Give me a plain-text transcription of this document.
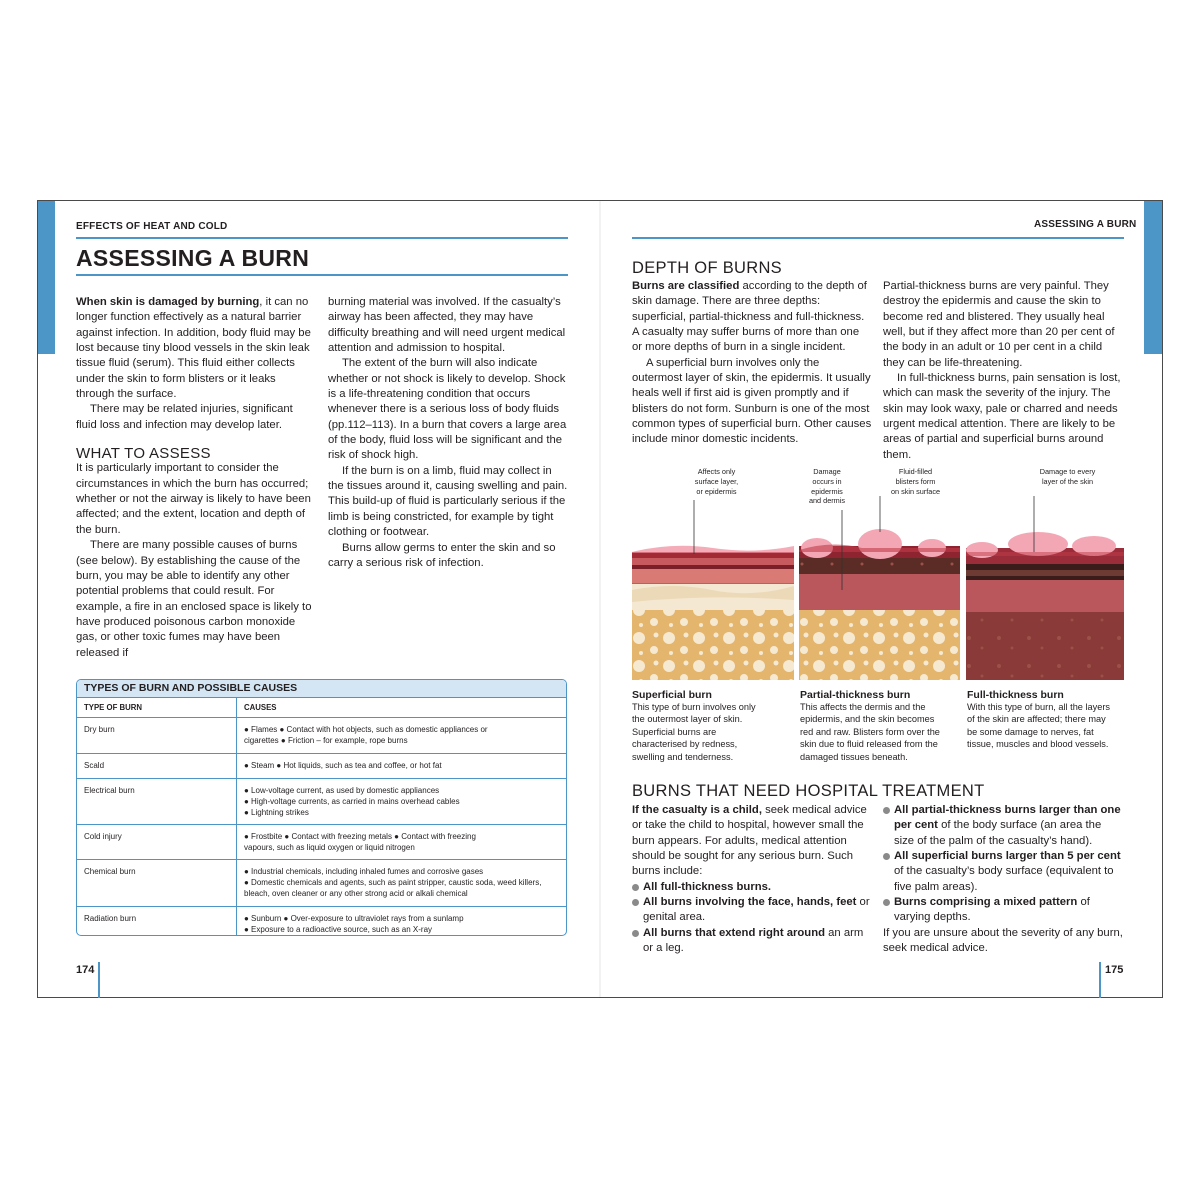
EFFECTS OF HEAT AND COLD
ASSESSING A BURN

When skin is damaged by burning, it can no longer function effectively as a natural barrier against infection. In addition, body fluid may be lost because tiny blood vessels in the skin leak tissue fluid (serum). This fluid either collects under the skin to form blisters or it leaks through the surface.

There may be related injuries, significant fluid loss and infection may develop later.

WHAT TO ASSESS

It is particularly important to consider the circumstances in which the burn has occurred; whether or not the airway is likely to have been affected; and the extent, location and depth of the burn.

There are many possible causes of burns (see below). By establishing the cause of the burn, you may be able to identify any other potential problems that could result. For example, a fire in an enclosed space is likely to have produced poisonous carbon monoxide gas, or other toxic fumes may have been released if

burning material was involved. If the casualty’s airway has been affected, they may have difficulty breathing and will need urgent medical attention and admission to hospital.

The extent of the burn will also indicate whether or not shock is likely to develop. Shock is a life-threatening condition that occurs whenever there is a serious loss of body fluids (pp.112–113). In a burn that covers a large area of the body, fluid loss will be significant and the risk of shock high.

If the burn is on a limb, fluid may collect in the tissues around it, causing swelling and pain. This build-up of fluid is particularly serious if the limb is being constricted, for example by tight clothing or footwear.

Burns allow germs to enter the skin and so carry a serious risk of infection.

TYPES OF BURN AND POSSIBLE CAUSES
TYPE OF BURN	CAUSES
Dry burn	● Flames ● Contact with hot objects, such as domestic appliances or
cigarettes ● Friction – for example, rope burns
Scald	● Steam ● Hot liquids, such as tea and coffee, or hot fat
Electrical burn	● Low-voltage current, as used by domestic appliances
● High-voltage currents, as carried in mains overhead cables
● Lightning strikes
Cold injury	● Frostbite ● Contact with freezing metals ● Contact with freezing
vapours, such as liquid oxygen or liquid nitrogen
Chemical burn	● Industrial chemicals, including inhaled fumes and corrosive gases
● Domestic chemicals and agents, such as paint stripper, caustic soda, weed killers,
bleach, oven cleaner or any other strong acid or alkali chemical
Radiation burn	● Sunburn ● Over-exposure to ultraviolet rays from a sunlamp
● Exposure to a radioactive source, such as an X-ray
174
ASSESSING A BURN
DEPTH OF BURNS

Burns are classified according to the depth of skin damage. There are three depths: superficial, partial-thickness and full-thickness. A casualty may suffer burns of more than one or more depths of burn in a single incident.

A superficial burn involves only the outermost layer of skin, the epidermis. It usually heals well if first aid is given promptly and if blisters do not form. Sunburn is one of the most common types of superficial burn. Other causes include minor domestic incidents.

Partial-thickness burns are very painful. They destroy the epidermis and cause the skin to become red and blistered. They usually heal well, but if they affect more than 20 per cent of the body in an adult or 10 per cent in a child they can be life-threatening.

In full-thickness burns, pain sensation is lost, which can mask the severity of the injury. The skin may look waxy, pale or charred and needs urgent medical attention. There are likely to be areas of partial and superficial burns around them.

Affects only
surface layer,
or epidermis
Damage
occurs in
epidermis
and dermis
Fluid-filled
blisters form
on skin surface
Damage to every
layer of the skin
Superficial burn
This type of burn involves only
the outermost layer of skin.
Superficial burns are
characterised by redness,
swelling and tenderness.
Partial-thickness burn
This affects the dermis and the
epidermis, and the skin becomes
red and raw. Blisters form over the
skin due to fluid released from the
damaged tissues beneath.
Full-thickness burn
With this type of burn, all the layers
of the skin are affected; there may
be some damage to nerves, fat
tissue, muscles and blood vessels.
BURNS THAT NEED HOSPITAL TREATMENT

If the casualty is a child, seek medical advice or take the child to hospital, however small the burn appears. For adults, medical attention should be sought for any serious burn. Such burns include:

All full-thickness burns.
All burns involving the face, hands, feet or genital area.
All burns that extend right around an arm or a leg.
All partial-thickness burns larger than one per cent of the body surface (an area the size of the palm of the casualty’s hand).
All superficial burns larger than 5 per cent of the casualty’s body surface (equivalent to five palm areas).
Burns comprising a mixed pattern of varying depths.

If you are unsure about the severity of any burn, seek medical advice.

175
